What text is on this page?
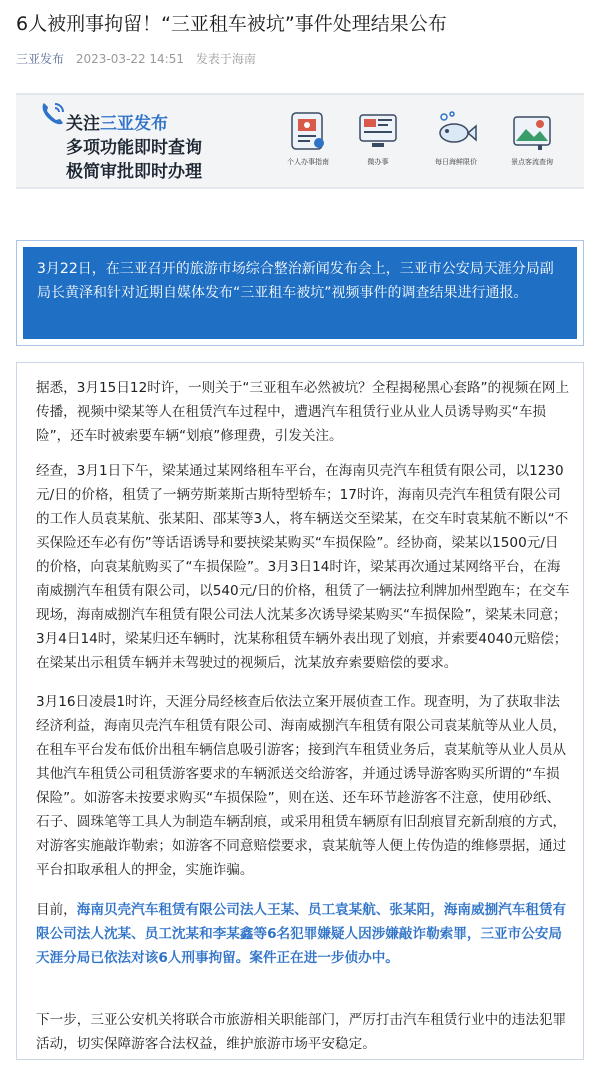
6人被刑事拘留！“三亚租车被坑”事件处理结果公布
三亚发布 2023-03-22 14:51 发表于海南
关注三亚发布
多项功能即时查询
极简审批即时办理	个人办事指南	微办事	每日海鲜限价	景点客流查询
3月22日，在三亚召开的旅游市场综合整治新闻发布会上，三亚市公安局天涯分局副局长黄泽和针对近期自媒体发布“三亚租车被坑”视频事件的调查结果进行通报。
据悉，3月15日12时许，一则关于“三亚租车必然被坑？全程揭秘黑心套路”的视频在网上传播，视频中梁某等人在租赁汽车过程中，遭遇汽车租赁行业从业人员诱导购买“车损险”，还车时被索要车辆“划痕”修理费，引发关注。
经查，3月1日下午，梁某通过某网络租车平台，在海南贝壳汽车租赁有限公司，以1230元/日的价格，租赁了一辆劳斯莱斯古斯特型轿车；17时许，海南贝壳汽车租赁有限公司的工作人员袁某航、张某阳、邵某等3人，将车辆送交至梁某，在交车时袁某航不断以“不买保险还车必有伤”等话语诱导和要挟梁某购买“车损保险”。经协商，梁某以1500元/日的价格，向袁某航购买了“车损保险”。3月3日14时许，梁某再次通过某网络平台，在海南威捌汽车租赁有限公司，以540元/日的价格，租赁了一辆法拉利牌加州型跑车；在交车现场，海南威捌汽车租赁有限公司法人沈某多次诱导梁某购买“车损保险”，梁某未同意；3月4日14时，梁某归还车辆时，沈某称租赁车辆外表出现了划痕，并索要4040元赔偿；在梁某出示租赁车辆并未驾驶过的视频后，沈某放弃索要赔偿的要求。
3月16日凌晨1时许，天涯分局经核查后依法立案开展侦查工作。现查明，为了获取非法经济利益，海南贝壳汽车租赁有限公司、海南威捌汽车租赁有限公司袁某航等从业人员，在租车平台发布低价出租车辆信息吸引游客；接到汽车租赁业务后，袁某航等从业人员从其他汽车租赁公司租赁游客要求的车辆派送交给游客，并通过诱导游客购买所谓的“车损保险”。如游客未按要求购买“车损保险”，则在送、还车环节趁游客不注意，使用砂纸、石子、圆珠笔等工具人为制造车辆刮痕，或采用租赁车辆原有旧刮痕冒充新刮痕的方式，对游客实施敲诈勒索；如游客不同意赔偿要求，袁某航等人便上传伪造的维修票据，通过平台扣取承租人的押金，实施诈骗。
目前，海南贝壳汽车租赁有限公司法人王某、员工袁某航、张某阳，海南威捌汽车租赁有限公司法人沈某、员工沈某和李某鑫等6名犯罪嫌疑人因涉嫌敲诈勒索罪，三亚市公安局天涯分局已依法对该6人刑事拘留。案件正在进一步侦办中。
下一步，三亚公安机关将联合市旅游相关职能部门，严厉打击汽车租赁行业中的违法犯罪活动，切实保障游客合法权益，维护旅游市场平安稳定。
